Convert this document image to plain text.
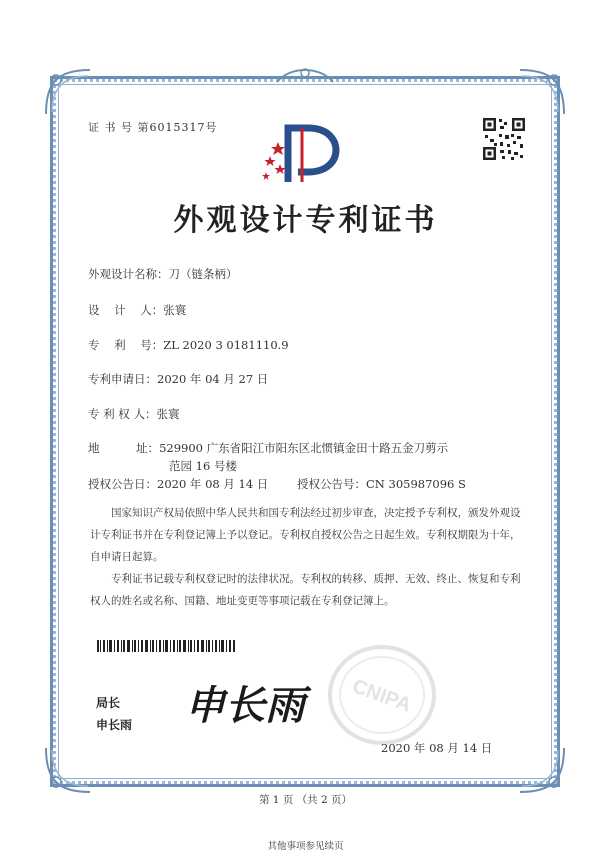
证 书 号 第6015317号
外观设计专利证书
外观设计名称：刀（链条柄）
设    计    人：张寰
专    利    号：ZL 2020 3 0181110.9
专利申请日：2020 年 04 月 27 日
专 利 权 人：张寰
地          址：529900 广东省阳江市阳东区北惯镇金田十路五金刀剪示
范园 16 号楼
授权公告日：2020 年 08 月 14 日 授权公告号：CN 305987096 S
国家知识产权局依照中华人民共和国专利法经过初步审查，决定授予专利权，颁发外观设计专利证书并在专利登记簿上予以登记。专利权自授权公告之日起生效。专利权期限为十年，自申请日起算。
专利证书记载专利权登记时的法律状况。专利权的转移、质押、无效、终止、恢复和专利权人的姓名或名称、国籍、地址变更等事项记载在专利登记簿上。
CNIPA
局长
申长雨 申长雨
2020 年 08 月 14 日
第 1 页 （共 2 页）
其他事项参见续页
